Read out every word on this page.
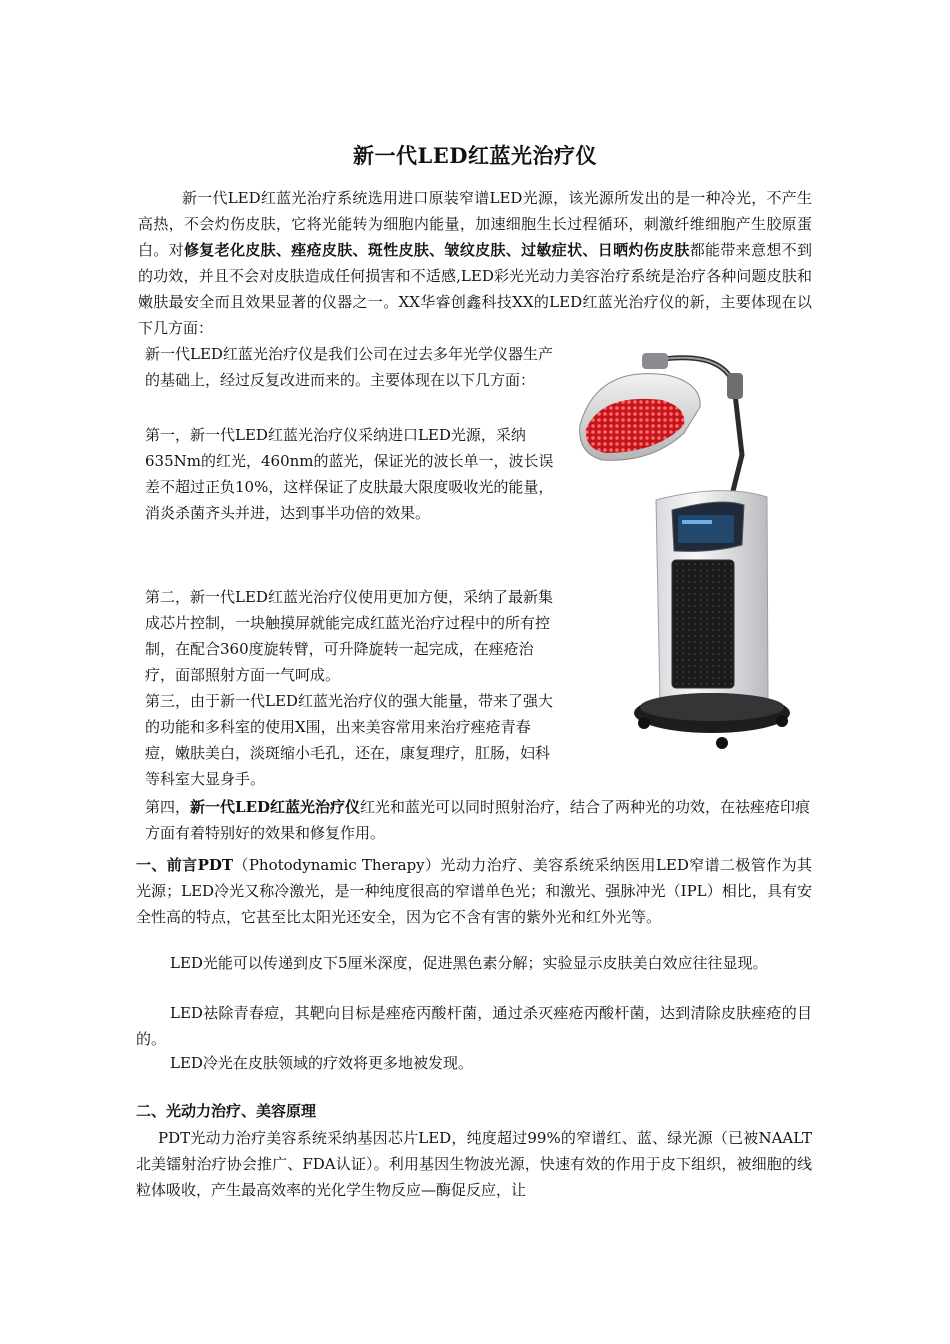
新一代LED红蓝光治疗仪

新一代LED红蓝光治疗系统选用进口原装窄谱LED光源，该光源所发出的是一种冷光，不产生高热，不会灼伤皮肤，它将光能转为细胞内能量，加速细胞生长过程循环，刺激纤维细胞产生胶原蛋白。对修复老化皮肤、痤疮皮肤、斑性皮肤、皱纹皮肤、过敏症状、日晒灼伤皮肤都能带来意想不到的功效，并且不会对皮肤造成任何损害和不适感,LED彩光光动力美容治疗系统是治疗各种问题皮肤和嫩肤最安全而且效果显著的仪器之一。XX华睿创鑫科技XX的LED红蓝光治疗仪的新，主要体现在以下几方面：

新一代LED红蓝光治疗仪是我们公司在过去多年光学仪器生产的基础上，经过反复改进而来的。主要体现在以下几方面：

第一，新一代LED红蓝光治疗仪采纳进口LED光源，采纳635Nm的红光，460nm的蓝光，保证光的波长单一，波长误差不超过正负10%，这样保证了皮肤最大限度吸收光的能量，消炎杀菌齐头并进，达到事半功倍的效果。

第二，新一代LED红蓝光治疗仪使用更加方便，采纳了最新集成芯片控制，一块触摸屏就能完成红蓝光治疗过程中的所有控制，在配合360度旋转臂，可升降旋转一起完成，在痤疮治疗，面部照射方面一气呵成。

第三，由于新一代LED红蓝光治疗仪的强大能量，带来了强大的功能和多科室的使用X围，出来美容常用来治疗痤疮青春痘，嫩肤美白，淡斑缩小毛孔，还在，康复理疗，肛肠，妇科等科室大显身手。

第四，新一代LED红蓝光治疗仪红光和蓝光可以同时照射治疗，结合了两种光的功效，在祛痤疮印痕方面有着特别好的效果和修复作用。

一、前言PDT（Photodynamic Therapy）光动力治疗、美容系统采纳医用LED窄谱二极管作为其光源；LED冷光又称冷激光，是一种纯度很高的窄谱单色光；和激光、强脉冲光（IPL）相比，具有安全性高的特点，它甚至比太阳光还安全，因为它不含有害的紫外光和红外光等。

LED光能可以传递到皮下5厘米深度，促进黑色素分解；实验显示皮肤美白效应往往显现。

LED祛除青春痘，其靶向目标是痤疮丙酸杆菌，通过杀灭痤疮丙酸杆菌，达到清除皮肤痤疮的目的。

LED冷光在皮肤领域的疗效将更多地被发现。

二、光动力治疗、美容原理

PDT光动力治疗美容系统采纳基因芯片LED，纯度超过99%的窄谱红、蓝、绿光源（已被NAALT北美镭射治疗协会推广、FDA认证）。利用基因生物波光源，快速有效的作用于皮下组织，被细胞的线粒体吸收，产生最高效率的光化学生物反应—酶促反应，让
